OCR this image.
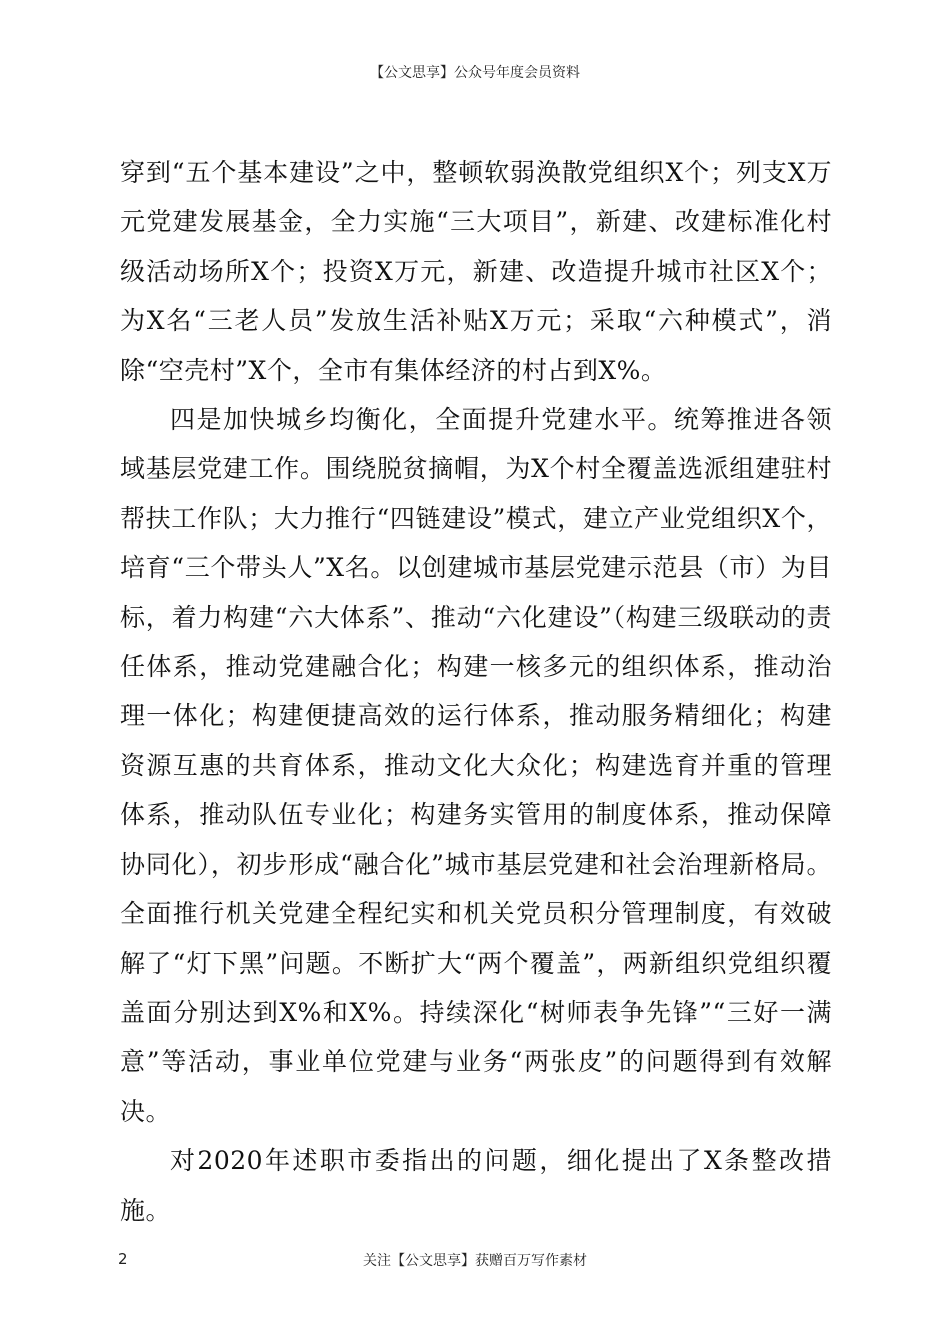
【公文思享】公众号年度会员资料

穿到“五个基本建设”之中，整顿软弱涣散党组织X个；列支X万元党建发展基金，全力实施“三大项目”，新建、改建标准化村级活动场所X个；投资X万元，新建、改造提升城市社区X个；为X名“三老人员”发放生活补贴X万元；采取“六种模式”，消除“空壳村”X个，全市有集体经济的村占到X%。

四是加快城乡均衡化，全面提升党建水平。统筹推进各领域基层党建工作。围绕脱贫摘帽，为X个村全覆盖选派组建驻村帮扶工作队；大力推行“四链建设”模式，建立产业党组织X个，培育“三个带头人”X名。以创建城市基层党建示范县（市）为目标，着力构建“六大体系”、推动“六化建设”（构建三级联动的责任体系，推动党建融合化；构建一核多元的组织体系，推动治理一体化；构建便捷高效的运行体系，推动服务精细化；构建资源互惠的共育体系，推动文化大众化；构建选育并重的管理体系，推动队伍专业化；构建务实管用的制度体系，推动保障协同化），初步形成“融合化”城市基层党建和社会治理新格局。全面推行机关党建全程纪实和机关党员积分管理制度，有效破解了“灯下黑”问题。不断扩大“两个覆盖”，两新组织党组织覆盖面分别达到X%和X%。持续深化“树师表争先锋”“三好一满意”等活动，事业单位党建与业务“两张皮”的问题得到有效解决。

对2020年述职市委指出的问题，细化提出了X条整改措施。

2	关注【公文思享】获赠百万写作素材
